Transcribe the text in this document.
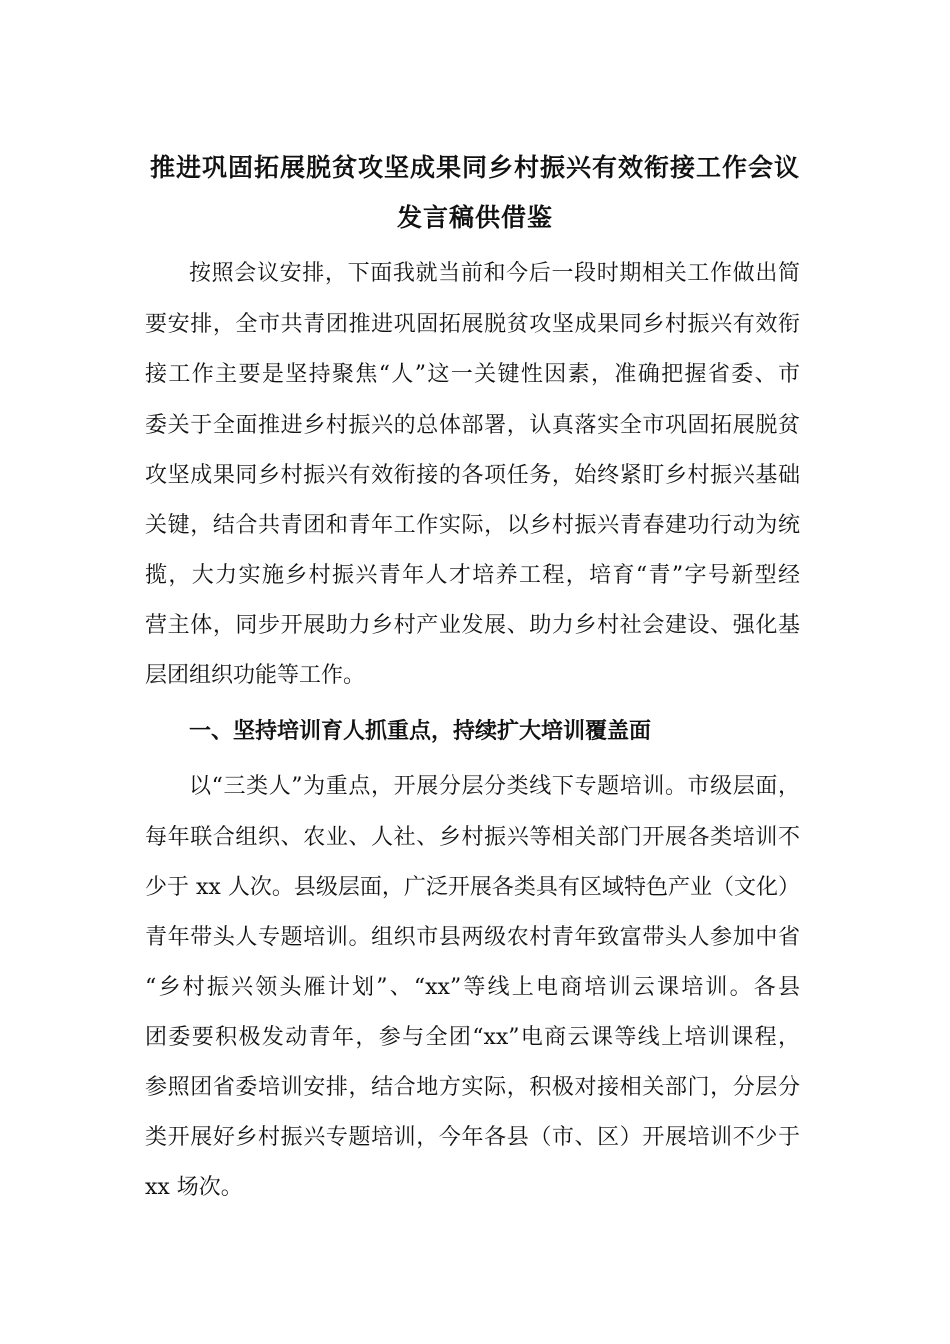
推进巩固拓展脱贫攻坚成果同乡村振兴有效衔接工作会议
发言稿供借鉴
按照会议安排，下面我就当前和今后一段时期相关工作做出简
要安排，全市共青团推进巩固拓展脱贫攻坚成果同乡村振兴有效衔
接工作主要是坚持聚焦“人”这一关键性因素，准确把握省委、市
委关于全面推进乡村振兴的总体部署，认真落实全市巩固拓展脱贫
攻坚成果同乡村振兴有效衔接的各项任务，始终紧盯乡村振兴基础
关键，结合共青团和青年工作实际，以乡村振兴青春建功行动为统
揽，大力实施乡村振兴青年人才培养工程，培育“青”字号新型经
营主体，同步开展助力乡村产业发展、助力乡村社会建设、强化基
层团组织功能等工作。
一、坚持培训育人抓重点，持续扩大培训覆盖面
以“三类人”为重点，开展分层分类线下专题培训。市级层面，
每年联合组织、农业、人社、乡村振兴等相关部门开展各类培训不
少于 xx 人次。县级层面，广泛开展各类具有区域特色产业（文化）
青年带头人专题培训。组织市县两级农村青年致富带头人参加中省
“乡村振兴领头雁计划”、“xx”等线上电商培训云课培训。各县
团委要积极发动青年，参与全团“xx”电商云课等线上培训课程，
参照团省委培训安排，结合地方实际，积极对接相关部门，分层分
类开展好乡村振兴专题培训，今年各县（市、区）开展培训不少于
xx 场次。
